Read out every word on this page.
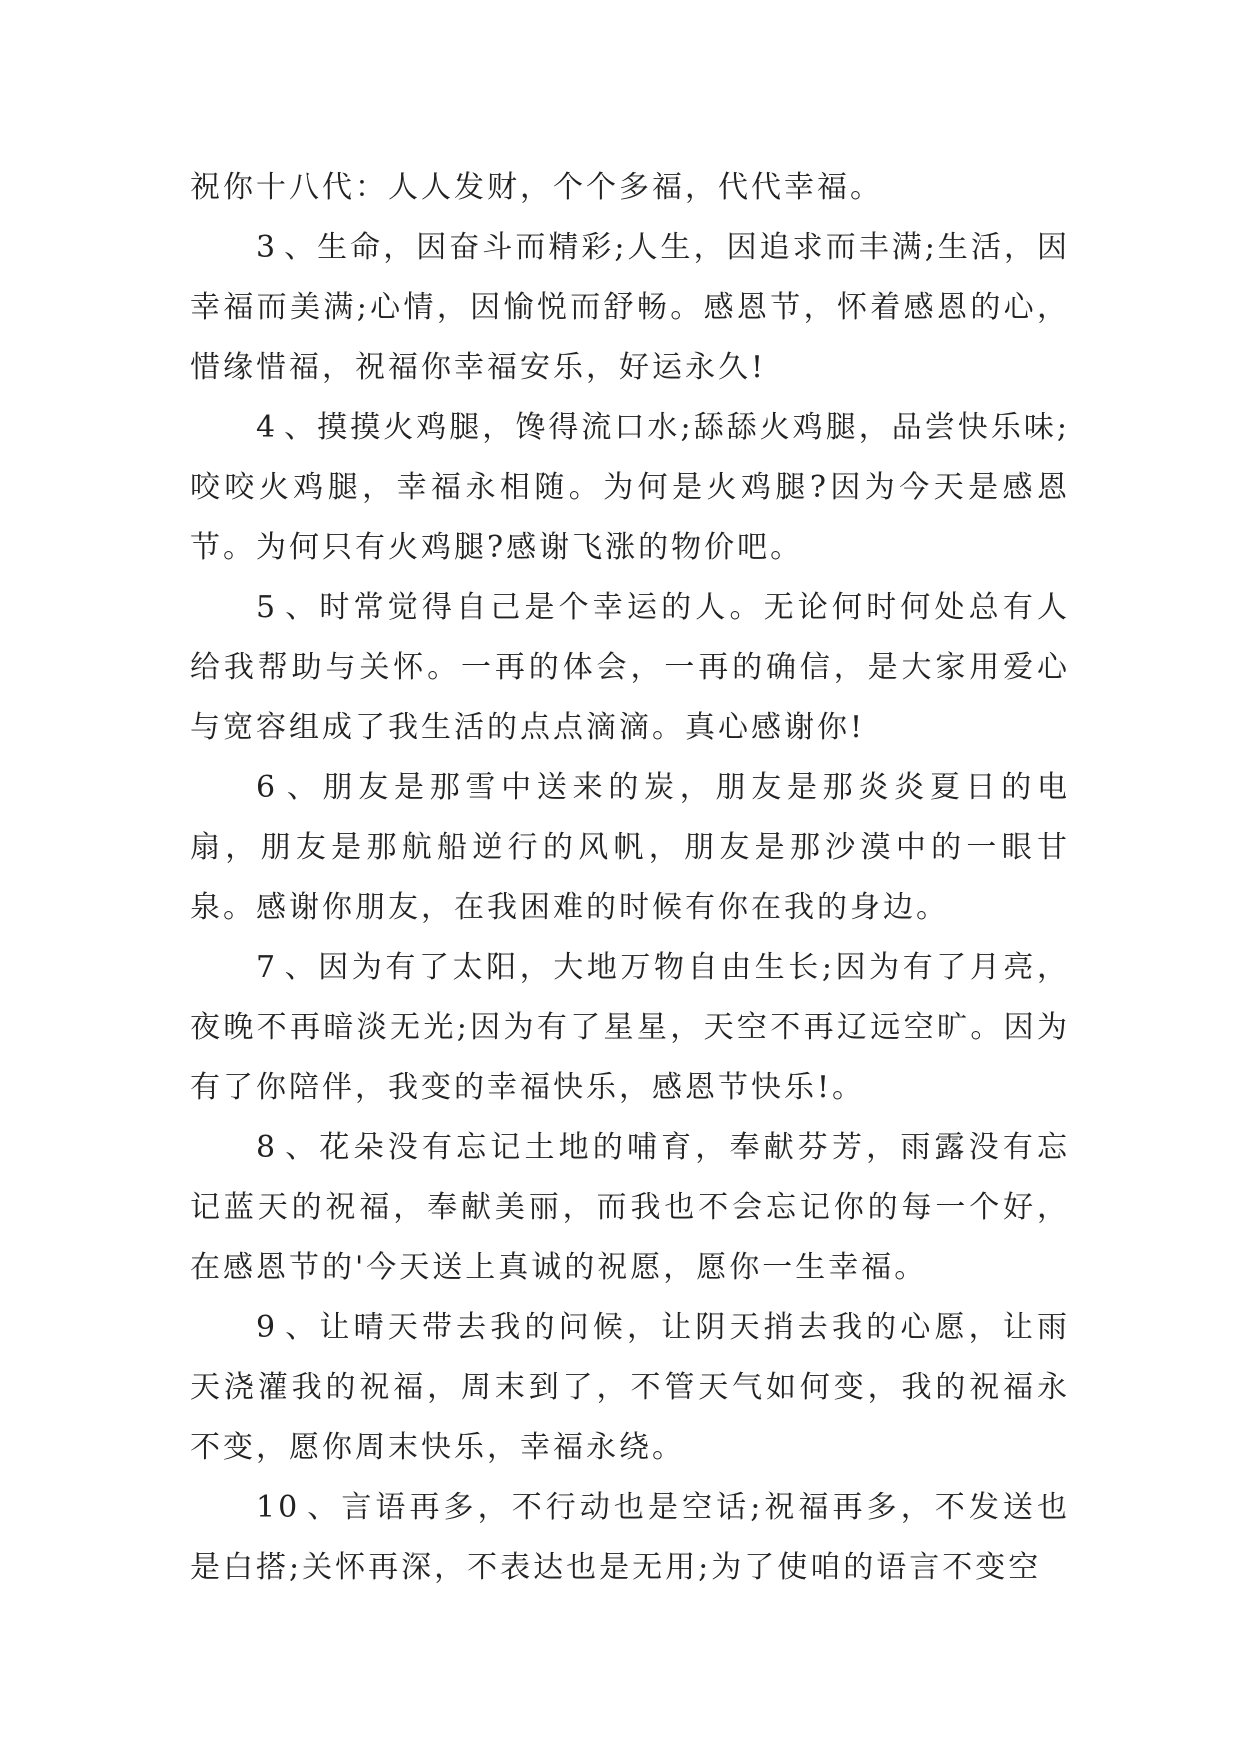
祝你十八代：人人发财，个个多福，代代幸福。

3 、生命，因奋斗而精彩;人生，因追求而丰满;生活，因幸福而美满;心情，因愉悦而舒畅。感恩节，怀着感恩的心，惜缘惜福，祝福你幸福安乐，好运永久!

4 、摸摸火鸡腿，馋得流口水;舔舔火鸡腿，品尝快乐味;咬咬火鸡腿，幸福永相随。为何是火鸡腿?因为今天是感恩节。为何只有火鸡腿?感谢飞涨的物价吧。

5 、时常觉得自己是个幸运的人。无论何时何处总有人给我帮助与关怀。一再的体会，一再的确信，是大家用爱心与宽容组成了我生活的点点滴滴。真心感谢你!

6 、朋友是那雪中送来的炭，朋友是那炎炎夏日的电扇，朋友是那航船逆行的风帆，朋友是那沙漠中的一眼甘泉。感谢你朋友，在我困难的时候有你在我的身边。

7 、因为有了太阳，大地万物自由生长;因为有了月亮，夜晚不再暗淡无光;因为有了星星，天空不再辽远空旷。因为有了你陪伴，我变的幸福快乐，感恩节快乐!。

8 、花朵没有忘记土地的哺育，奉献芬芳，雨露没有忘记蓝天的祝福，奉献美丽，而我也不会忘记你的每一个好，在感恩节的'今天送上真诚的祝愿，愿你一生幸福。

9 、让晴天带去我的问候，让阴天捎去我的心愿，让雨天浇灌我的祝福，周末到了，不管天气如何变，我的祝福永不变，愿你周末快乐，幸福永绕。

10 、言语再多，不行动也是空话;祝福再多，不发送也是白搭;关怀再深，不表达也是无用;为了使咱的语言不变空
